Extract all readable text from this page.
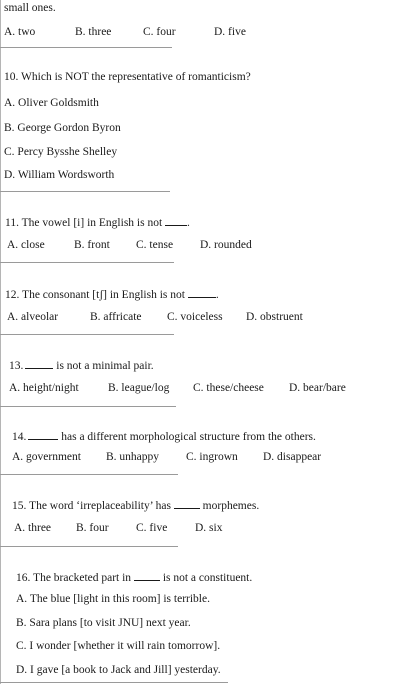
small ones.
A. two	B. three	C. four	D. five
10. Which is NOT the representative of romanticism?
A. Oliver Goldsmith
B. George Gordon Byron
C. Percy Bysshe Shelley
D. William Wordsworth
11. The vowel [i] in English is not .
A. close	B. front C. tense D. rounded
12. The consonant [tʃ] in English is not	.
A. alveolar	B. affricate C. voiceless D. obstruent
13.	is not a minimal pair.
A. height/night	B. league/log C. these/cheese D. bear/bare
14.	has a different morphological structure from the others.
A. government B. unhappy C. ingrown D. disappear
15. The word ‘irreplaceability’ has	morphemes.
A. three B. four C. five D. six
16. The bracketed part in	is not a constituent.
A. The blue [light in this room] is terrible.
B. Sara plans [to visit JNU] next year.
C. I wonder [whether it will rain tomorrow].
D. I gave [a book to Jack and Jill] yesterday.
